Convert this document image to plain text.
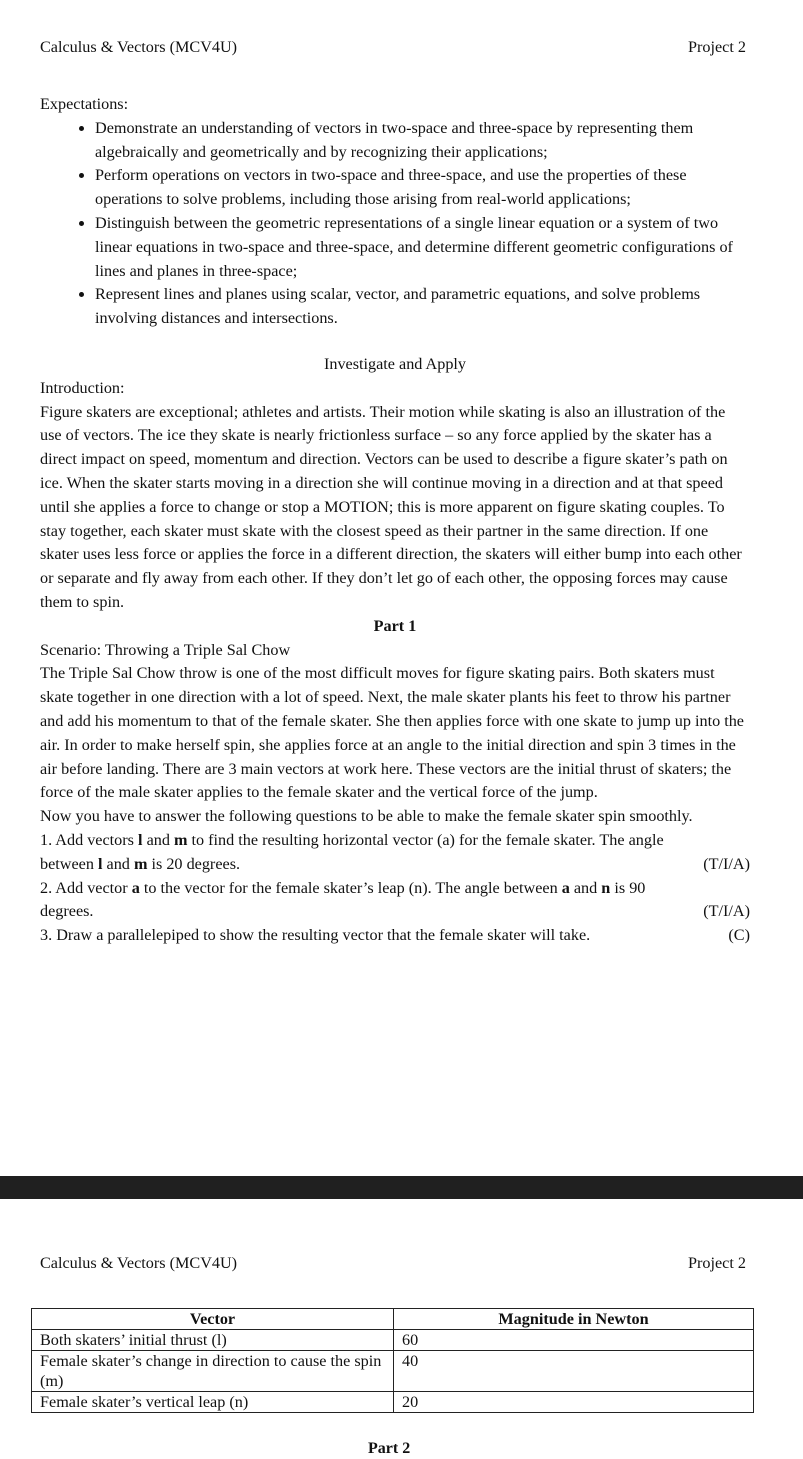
Calculus & Vectors (MCV4U)	Project 2

Expectations:

• Demonstrate an understanding of vectors in two-space and three-space by representing them algebraically and geometrically and by recognizing their applications;
• Perform operations on vectors in two-space and three-space, and use the properties of these operations to solve problems, including those arising from real-world applications;
• Distinguish between the geometric representations of a single linear equation or a system of two linear equations in two-space and three-space, and determine different geometric configurations of lines and planes in three-space;
• Represent lines and planes using scalar, vector, and parametric equations, and solve problems involving distances and intersections.

Investigate and Apply

Introduction:

Figure skaters are exceptional; athletes and artists. Their motion while skating is also an illustration of the use of vectors. The ice they skate is nearly frictionless surface – so any force applied by the skater has a direct impact on speed, momentum and direction. Vectors can be used to describe a figure skater’s path on ice. When the skater starts moving in a direction she will continue moving in a direction and at that speed until she applies a force to change or stop a MOTION; this is more apparent on figure skating couples. To stay together, each skater must skate with the closest speed as their partner in the same direction. If one skater uses less force or applies the force in a different direction, the skaters will either bump into each other or separate and fly away from each other. If they don’t let go of each other, the opposing forces may cause them to spin.

Part 1

Scenario: Throwing a Triple Sal Chow

The Triple Sal Chow throw is one of the most difficult moves for figure skating pairs. Both skaters must skate together in one direction with a lot of speed. Next, the male skater plants his feet to throw his partner and add his momentum to that of the female skater. She then applies force with one skate to jump up into the air. In order to make herself spin, she applies force at an angle to the initial direction and spin 3 times in the air before landing. There are 3 main vectors at work here. These vectors are the initial thrust of skaters; the force of the male skater applies to the female skater and the vertical force of the jump.

Now you have to answer the following questions to be able to make the female skater spin smoothly.

1. Add vectors l and m to find the resulting horizontal vector (a) for the female skater. The angle

between l and m is 20 degrees.	(T/I/A)

2. Add vector a to the vector for the female skater’s leap (n). The angle between a and n is 90

degrees.	(T/I/A)
3. Draw a parallelepiped to show the resulting vector that the female skater will take.	(C)
Calculus & Vectors (MCV4U)	Project 2
Vector	Magnitude in Newton
Both skaters’ initial thrust (l)	60
Female skater’s change in direction to cause the spin (m)	40
Female skater’s vertical leap (n)	20
Part 2
